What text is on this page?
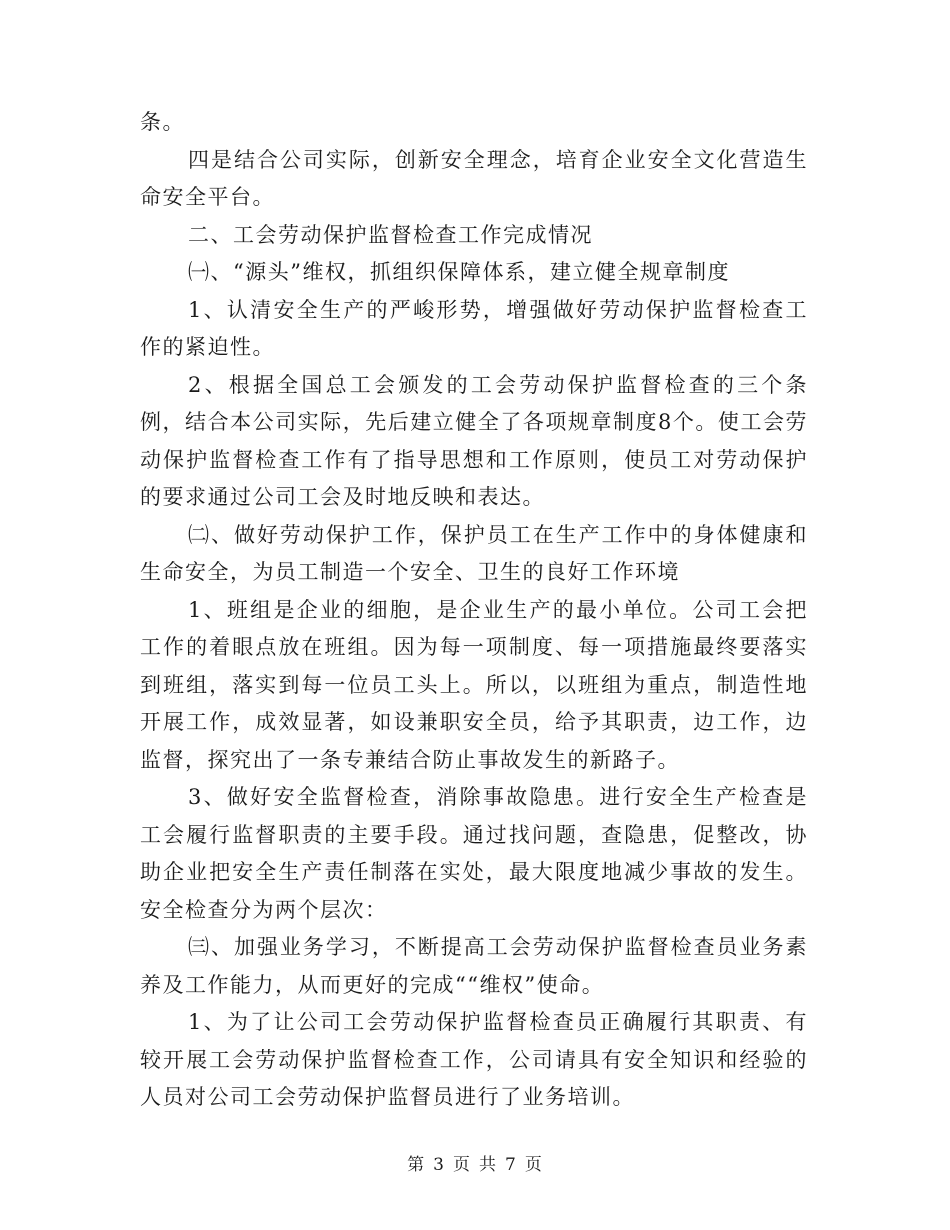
条。

四是结合公司实际，创新安全理念，培育企业安全文化营造生命安全平台。

二、工会劳动保护监督检查工作完成情况

㈠、“源头”维权，抓组织保障体系，建立健全规章制度

1、认清安全生产的严峻形势，增强做好劳动保护监督检查工作的紧迫性。

2、根据全国总工会颁发的工会劳动保护监督检查的三个条例，结合本公司实际，先后建立健全了各项规章制度8个。使工会劳动保护监督检查工作有了指导思想和工作原则，使员工对劳动保护的要求通过公司工会及时地反映和表达。

㈡、做好劳动保护工作，保护员工在生产工作中的身体健康和生命安全，为员工制造一个安全、卫生的良好工作环境

1、班组是企业的细胞，是企业生产的最小单位。公司工会把工作的着眼点放在班组。因为每一项制度、每一项措施最终要落实到班组，落实到每一位员工头上。所以，以班组为重点，制造性地开展工作，成效显著，如设兼职安全员，给予其职责，边工作，边监督，探究出了一条专兼结合防止事故发生的新路子。

3、做好安全监督检查，消除事故隐患。进行安全生产检查是工会履行监督职责的主要手段。通过找问题，查隐患，促整改，协助企业把安全生产责任制落在实处，最大限度地减少事故的发生。安全检查分为两个层次：

㈢、加强业务学习，不断提高工会劳动保护监督检查员业务素养及工作能力，从而更好的完成““维权”使命。

1、为了让公司工会劳动保护监督检查员正确履行其职责、有较开展工会劳动保护监督检查工作，公司请具有安全知识和经验的人员对公司工会劳动保护监督员进行了业务培训。

第 3 页 共 7 页
